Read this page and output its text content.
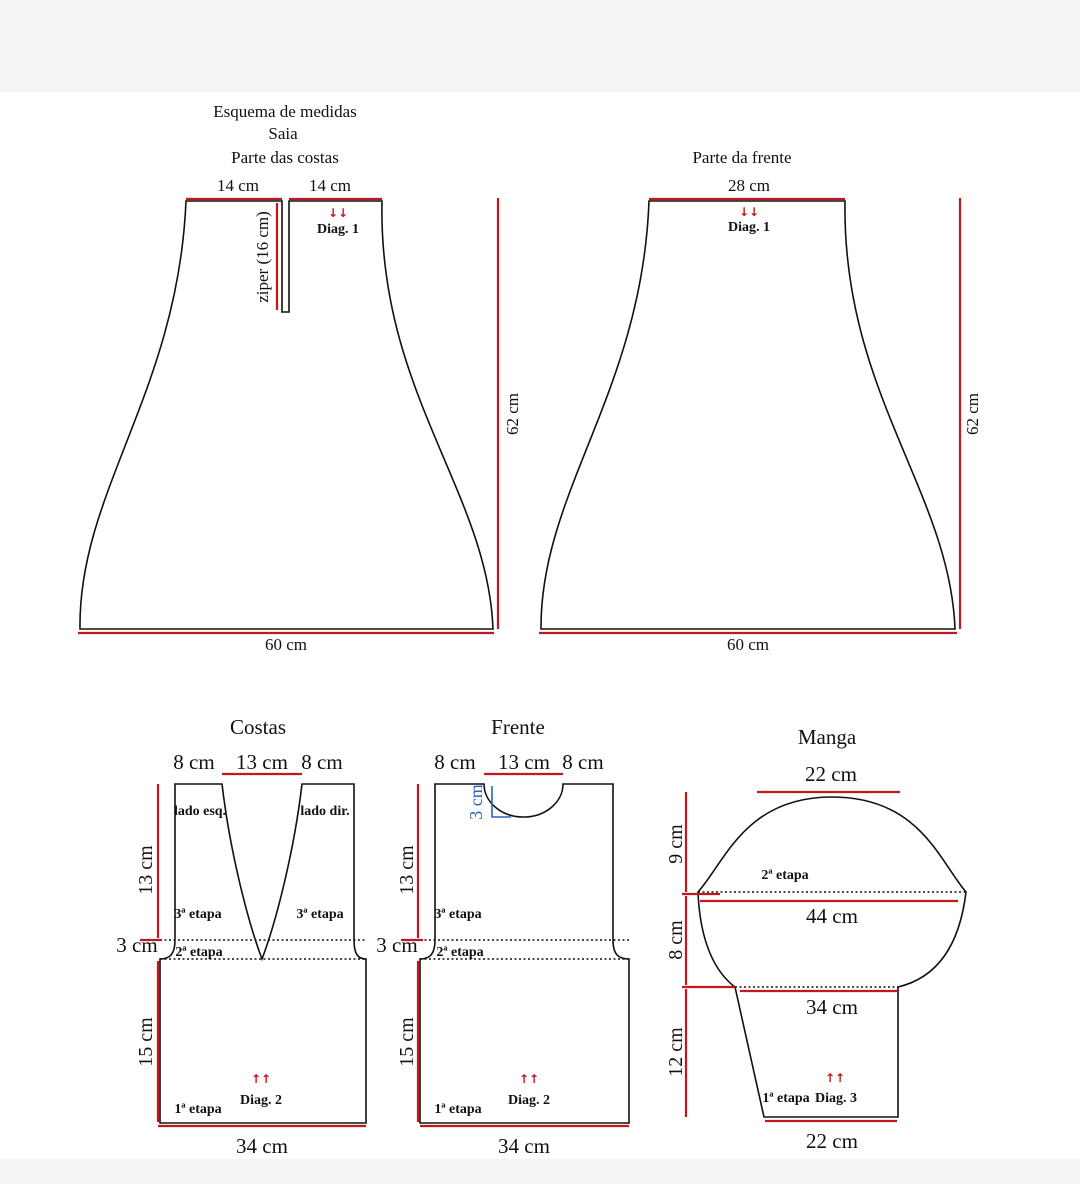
Esquema de medidas
Saia
Parte das costas
14 cm	14 cm
ziper (16 cm)	↓↓
Diag. 1
62 cm
60 cm
Parte da frente
28 cm
↓↓
Diag. 1
62 cm
60 cm
Costas
8 cm 13 cm 8 cm
lado esq.	lado dir.
3ª etapa	3ª etapa
2ª etapa
1ª etapa
↑↑
Diag. 2
13 cm
3 cm
15 cm
34 cm
Frente
8 cm 13 cm 8 cm
3 cm
3ª etapa
2ª etapa
1ª etapa
↑↑
Diag. 2
13 cm
3 cm
15 cm
34 cm
Manga
22 cm
2ª etapa
44 cm
34 cm
↑↑
1ª etapa Diag. 3
9 cm
8 cm
12 cm
22 cm
